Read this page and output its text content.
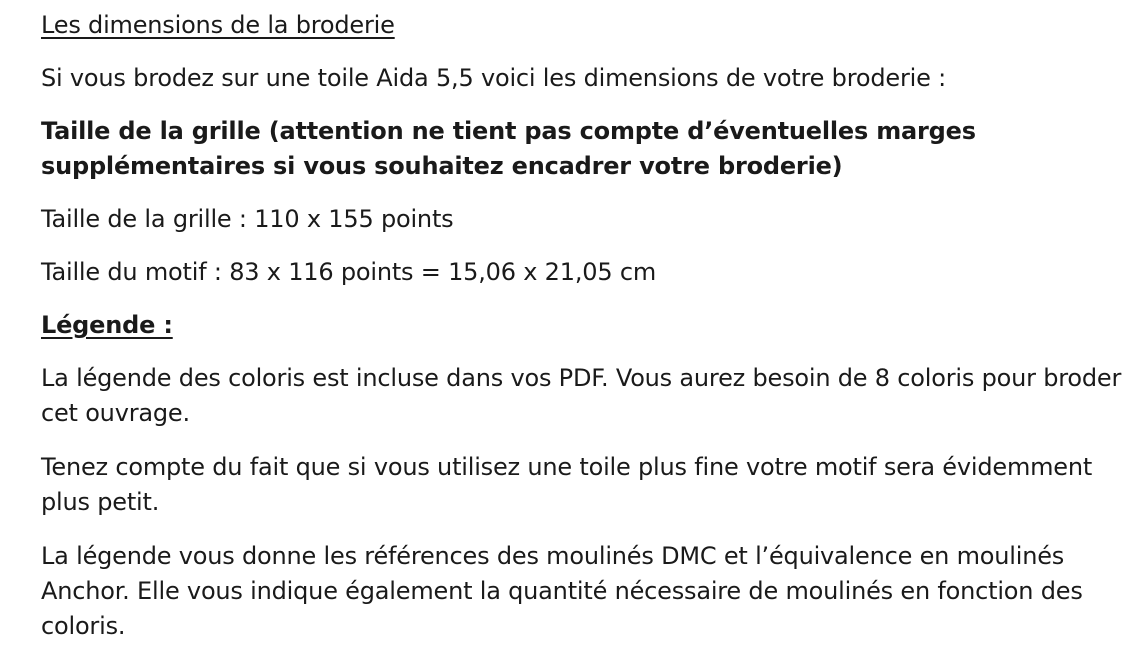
Les dimensions de la broderie

Si vous brodez sur une toile Aida 5,5 voici les dimensions de votre broderie :

Taille de la grille (attention ne tient pas compte d’éventuelles marges supplémentaires si vous souhaitez encadrer votre broderie)

Taille de la grille : 110 x 155 points

Taille du motif : 83 x 116 points = 15,06 x 21,05 cm

Légende :

La légende des coloris est incluse dans vos PDF. Vous aurez besoin de 8 coloris pour broder cet ouvrage.

Tenez compte du fait que si vous utilisez une toile plus fine votre motif sera évidemment plus petit.

La légende vous donne les références des moulinés DMC et l’équivalence en moulinés Anchor. Elle vous indique également la quantité nécessaire de moulinés en fonction des coloris.
